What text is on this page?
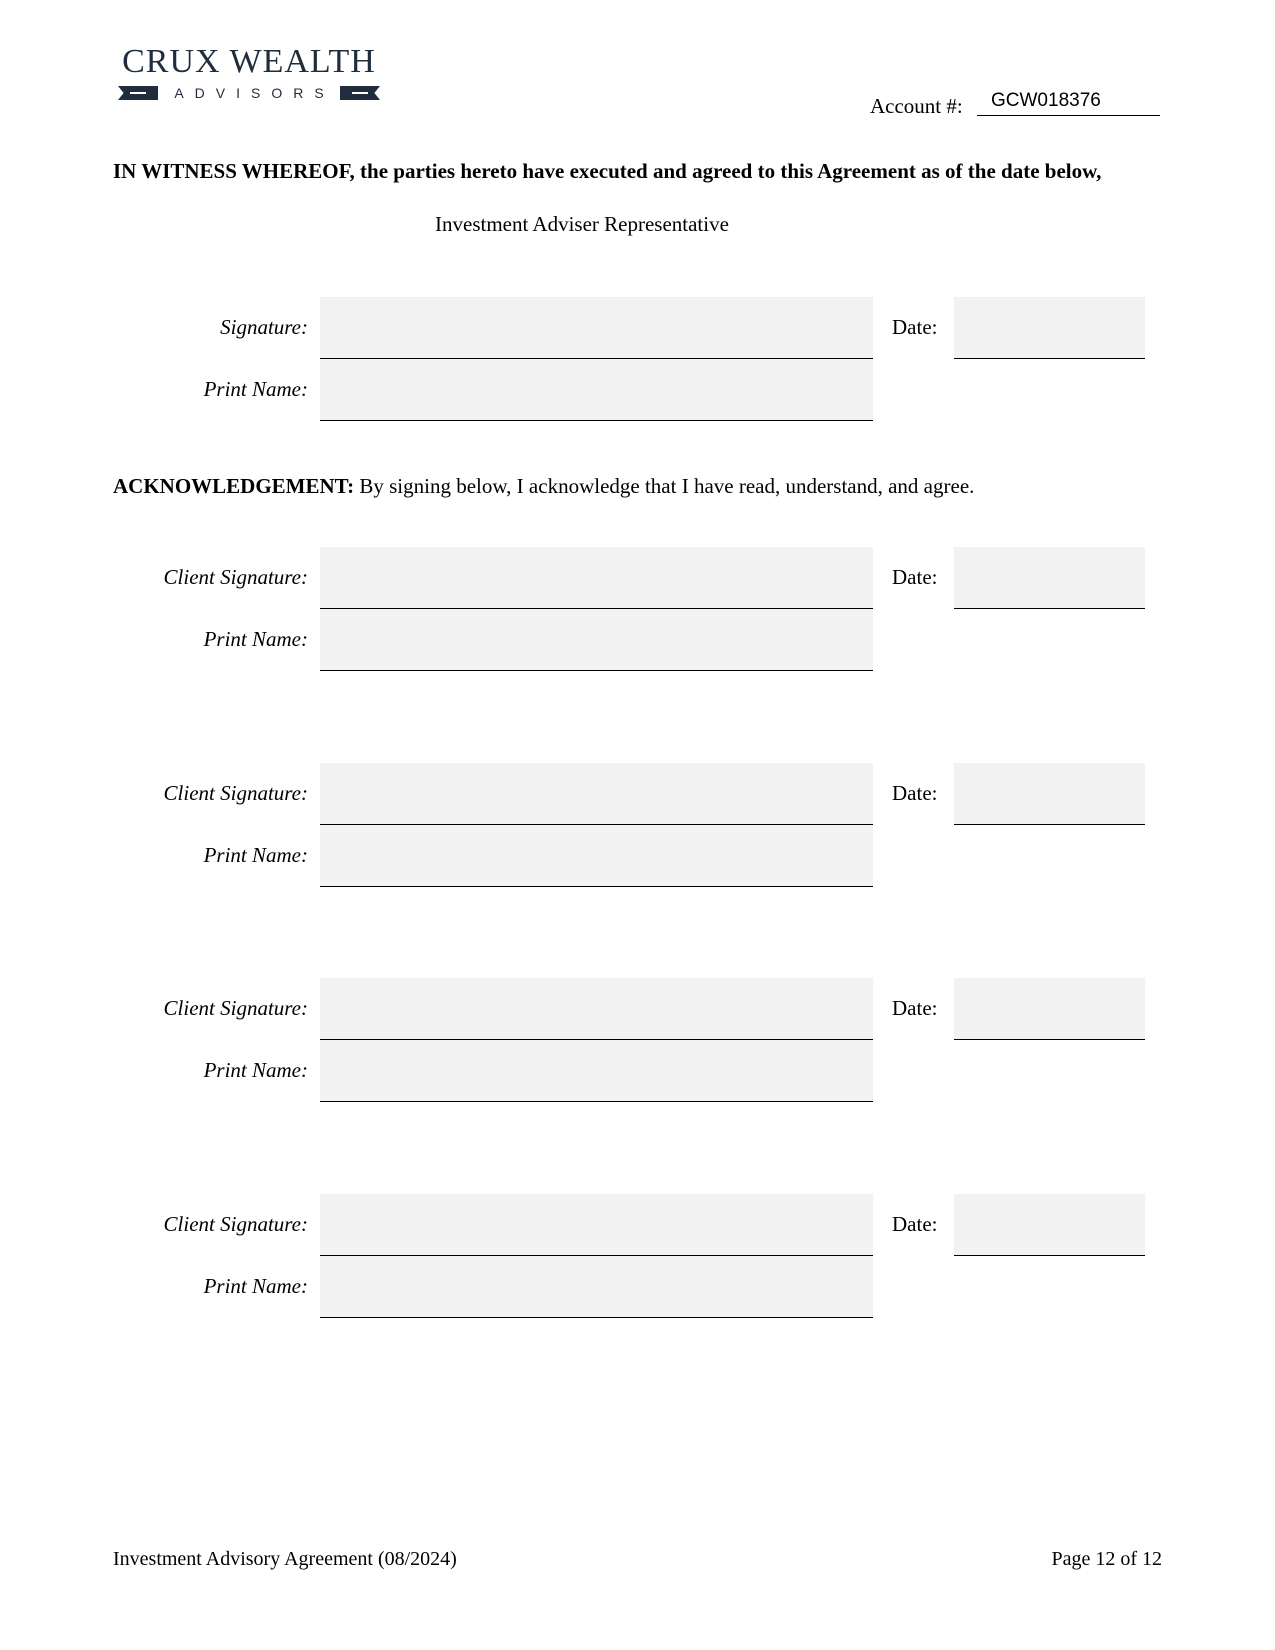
CRUX WEALTH
ADVISORS
Account #:	GCW018376
IN WITNESS WHEREOF, the parties hereto have executed and agreed to this Agreement as of the date below,
Investment Adviser Representative
Signature:	Date:
Print Name:
ACKNOWLEDGEMENT: By signing below, I acknowledge that I have read, understand, and agree.
Client Signature:	Date:
Print Name:
Client Signature:	Date:
Print Name:
Client Signature:	Date:
Print Name:
Client Signature:	Date:
Print Name:
Investment Advisory Agreement (08/2024)	Page 12 of 12
